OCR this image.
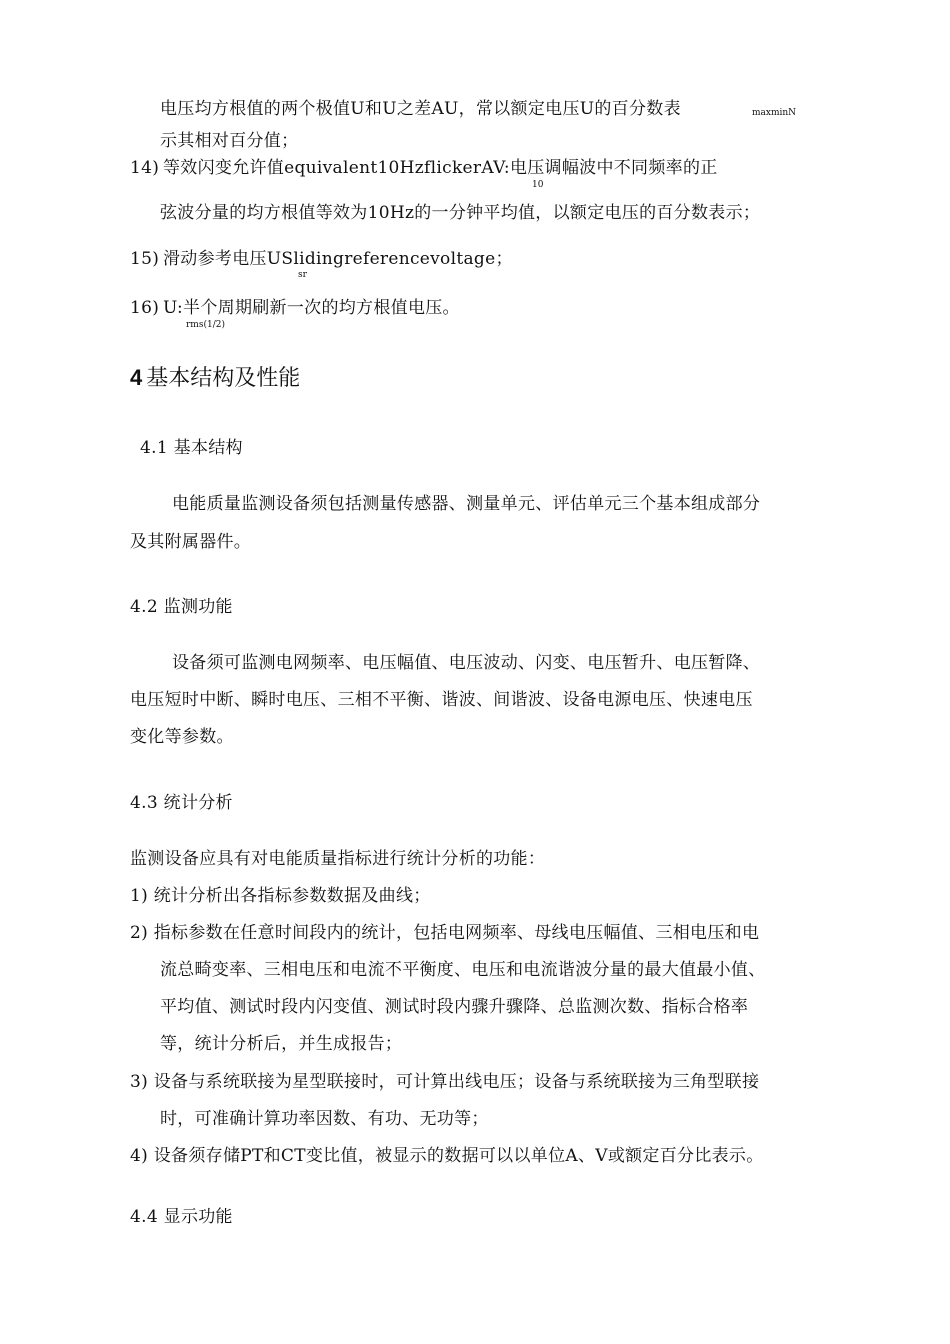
电压均方根值的两个极值U和U之差AU，常以额定电压U的百分数表	maxminN
示其相对百分值；
14) 等效闪变允许值equivalent10HzflickerAV:电压调幅波中不同频率的正
10
弦波分量的均方根值等效为10Hz的一分钟平均值，以额定电压的百分数表示；
15) 滑动参考电压USlidingreferencevoltage；
sr
16) U:半个周期刷新一次的均方根值电压。
rms(1/2)
4 基本结构及性能
4.1 基本结构
电能质量监测设备须包括测量传感器、测量单元、评估单元三个基本组成部分
及其附属器件。
4.2 监测功能
设备须可监测电网频率、电压幅值、电压波动、闪变、电压暂升、电压暂降、
电压短时中断、瞬时电压、三相不平衡、谐波、间谐波、设备电源电压、快速电压
变化等参数。
4.3 统计分析
监测设备应具有对电能质量指标进行统计分析的功能：
1) 统计分析出各指标参数数据及曲线；
2) 指标参数在任意时间段内的统计，包括电网频率、母线电压幅值、三相电压和电
流总畸变率、三相电压和电流不平衡度、电压和电流谐波分量的最大值最小值、
平均值、测试时段内闪变值、测试时段内骤升骤降、总监测次数、指标合格率
等，统计分析后，并生成报告；
3) 设备与系统联接为星型联接时，可计算出线电压；设备与系统联接为三角型联接
时，可准确计算功率因数、有功、无功等；
4) 设备须存储PT和CT变比值，被显示的数据可以以单位A、V或额定百分比表示。
4.4 显示功能
